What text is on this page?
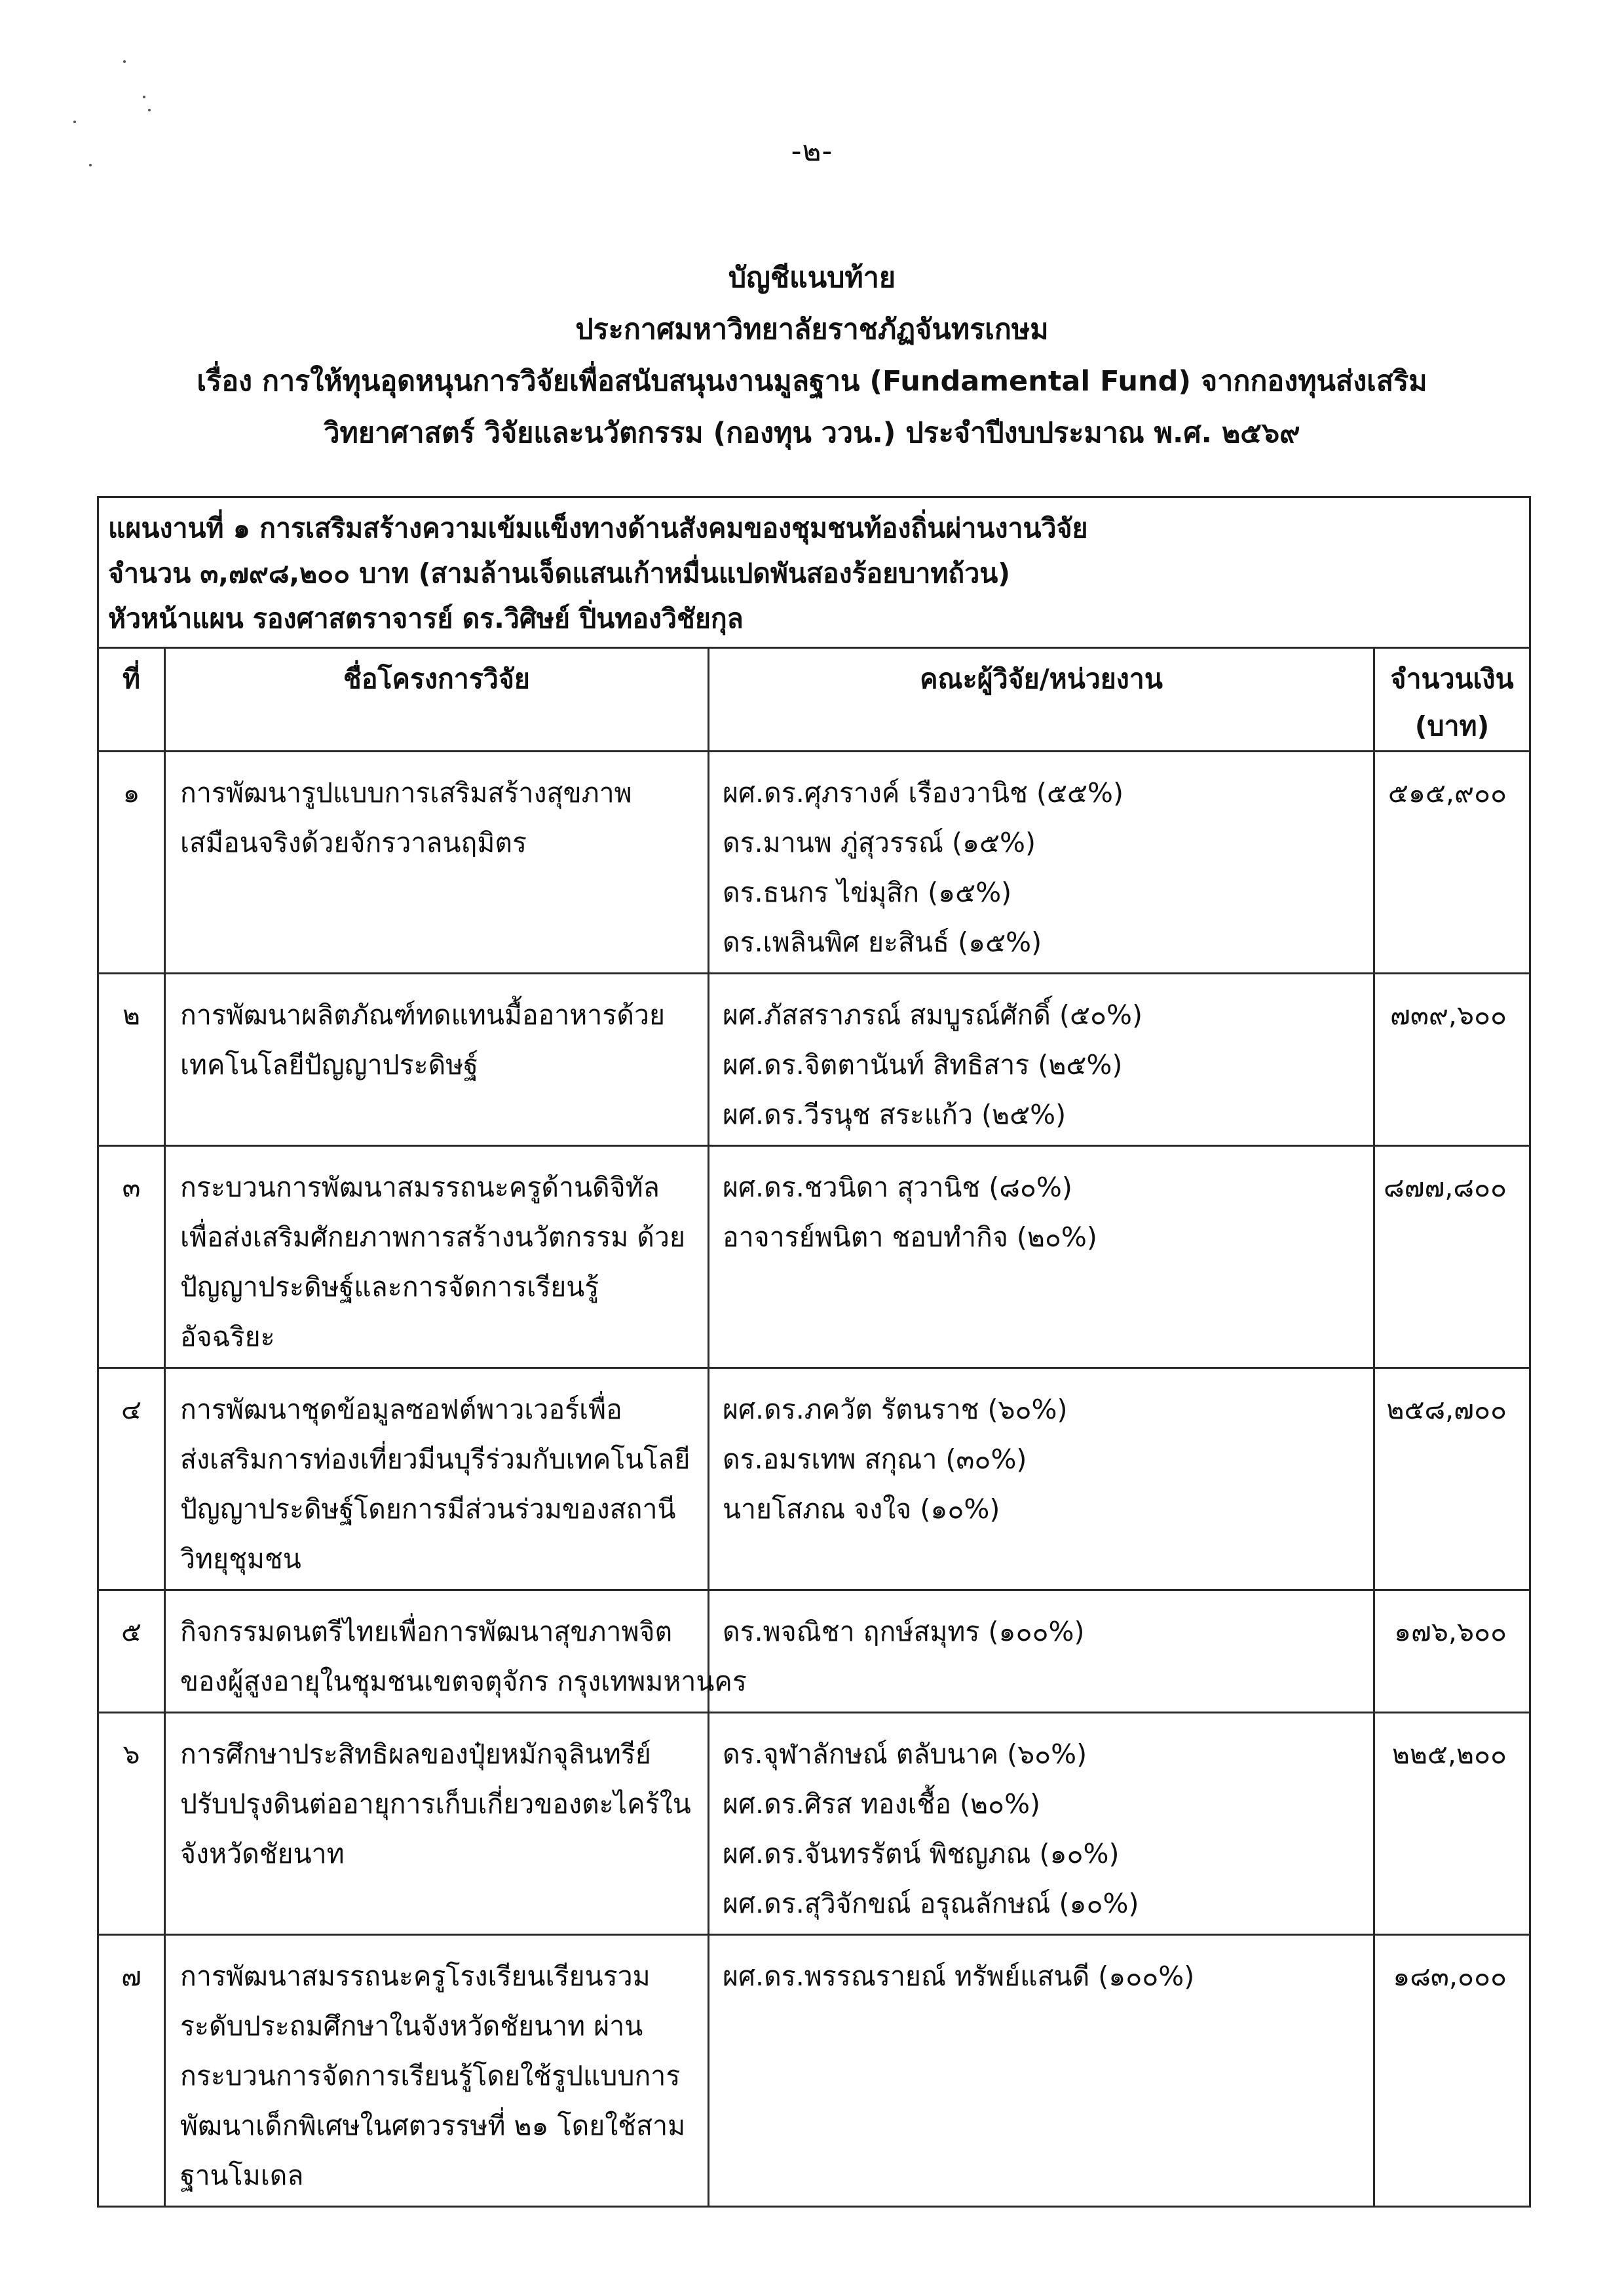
-๒-
บัญชีแนบท้าย
ประกาศมหาวิทยาลัยราชภัฏจันทรเกษม
เรื่อง การให้ทุนอุดหนุนการวิจัยเพื่อสนับสนุนงานมูลฐาน (Fundamental Fund) จากกองทุนส่งเสริม
วิทยาศาสตร์ วิจัยและนวัตกรรม (กองทุน ววน.) ประจำปีงบประมาณ พ.ศ. ๒๕๖๙
แผนงานที่ ๑ การเสริมสร้างความเข้มแข็งทางด้านสังคมของชุมชนท้องถิ่นผ่านงานวิจัย
จำนวน ๓,๗๙๘,๒๐๐ บาท (สามล้านเจ็ดแสนเก้าหมื่นแปดพันสองร้อยบาทถ้วน)
หัวหน้าแผน รองศาสตราจารย์ ดร.วิศิษย์ ปิ่นทองวิชัยกุล			

ที่	ชื่อโครงการวิจัย	คณะผู้วิจัย/หน่วยงาน	จำนวนเงิน
(บาท)

๑	การพัฒนารูปแบบการเสริมสร้างสุขภาพ
เสมือนจริงด้วยจักรวาลนฤมิตร	ผศ.ดร.ศุภรางค์ เรืองวานิช (๕๕%)
ดร.มานพ ภู่สุวรรณ์ (๑๕%)
ดร.ธนกร ไข่มุสิก (๑๕%)
ดร.เพลินพิศ ยะสินธ์ (๑๕%)	๕๑๕,๙๐๐
๒	การพัฒนาผลิตภัณฑ์ทดแทนมื้ออาหารด้วย
เทคโนโลยีปัญญาประดิษฐ์	ผศ.ภัสสราภรณ์ สมบูรณ์ศักดิ์ (๕๐%)
ผศ.ดร.จิตตานันท์ สิทธิสาร (๒๕%)
ผศ.ดร.วีรนุช สระแก้ว (๒๕%)	๗๓๙,๖๐๐
๓	กระบวนการพัฒนาสมรรถนะครูด้านดิจิทัล
เพื่อส่งเสริมศักยภาพการสร้างนวัตกรรม ด้วย
ปัญญาประดิษฐ์และการจัดการเรียนรู้
อัจฉริยะ	ผศ.ดร.ชวนิดา สุวานิช (๘๐%)
อาจารย์พนิตา ชอบทำกิจ (๒๐%)	๘๗๗,๘๐๐
๔	การพัฒนาชุดข้อมูลซอฟต์พาวเวอร์เพื่อ
ส่งเสริมการท่องเที่ยวมีนบุรีร่วมกับเทคโนโลยี
ปัญญาประดิษฐ์โดยการมีส่วนร่วมของสถานี
วิทยุชุมชน	ผศ.ดร.ภควัต รัตนราช (๖๐%)
ดร.อมรเทพ สกุณา (๓๐%)
นายโสภณ จงใจ (๑๐%)	๒๕๘,๗๐๐
๕	กิจกรรมดนตรีไทยเพื่อการพัฒนาสุขภาพจิต
ของผู้สูงอายุในชุมชนเขตจตุจักร กรุงเทพมหานคร	ดร.พจณิชา ฤกษ์สมุทร (๑๐๐%)	๑๗๖,๖๐๐
๖	การศึกษาประสิทธิผลของปุ๋ยหมักจุลินทรีย์
ปรับปรุงดินต่ออายุการเก็บเกี่ยวของตะไคร้ใน
จังหวัดชัยนาท	ดร.จุฬาลักษณ์ ตลับนาค (๖๐%)
ผศ.ดร.ศิรส ทองเชื้อ (๒๐%)
ผศ.ดร.จันทรรัตน์ พิชญภณ (๑๐%)
ผศ.ดร.สุวิจักขณ์ อรุณลักษณ์ (๑๐%)	๒๒๕,๒๐๐
๗	การพัฒนาสมรรถนะครูโรงเรียนเรียนรวม
ระดับประถมศึกษาในจังหวัดชัยนาท ผ่าน
กระบวนการจัดการเรียนรู้โดยใช้รูปแบบการ
พัฒนาเด็กพิเศษในศตวรรษที่ ๒๑ โดยใช้สาม
ฐานโมเดล	ผศ.ดร.พรรณรายณ์ ทรัพย์แสนดี (๑๐๐%)	๑๘๓,๐๐๐
